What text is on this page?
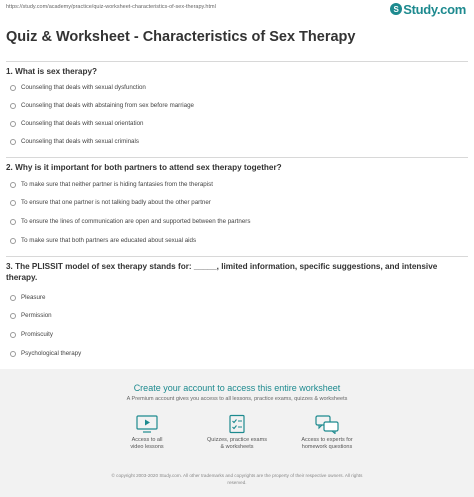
https://study.com/academy/practice/quiz-worksheet-characteristics-of-sex-therapy.html	S Study.com
Quiz & Worksheet - Characteristics of Sex Therapy
1. What is sex therapy?
Counseling that deals with sexual dysfunction
Counseling that deals with abstaining from sex before marriage
Counseling that deals with sexual orientation
Counseling that deals with sexual criminals
2. Why is it important for both partners to attend sex therapy together?
To make sure that neither partner is hiding fantasies from the therapist
To ensure that one partner is not talking badly about the other partner
To ensure the lines of communication are open and supported between the partners
To make sure that both partners are educated about sexual aids
3. The PLISSIT model of sex therapy stands for: _____, limited information, specific suggestions, and intensive therapy.
Pleasure
Permission
Promiscuity
Psychological therapy
Create your account to access this entire worksheet
A Premium account gives you access to all lessons, practice exams, quizzes & worksheets
Access to all
video lessons
Quizzes, practice exams
& worksheets
Access to experts for
homework questions
© copyright 2003-2020 Study.com. All other trademarks and copyrights are the property of their respective owners. All rights
reserved.
